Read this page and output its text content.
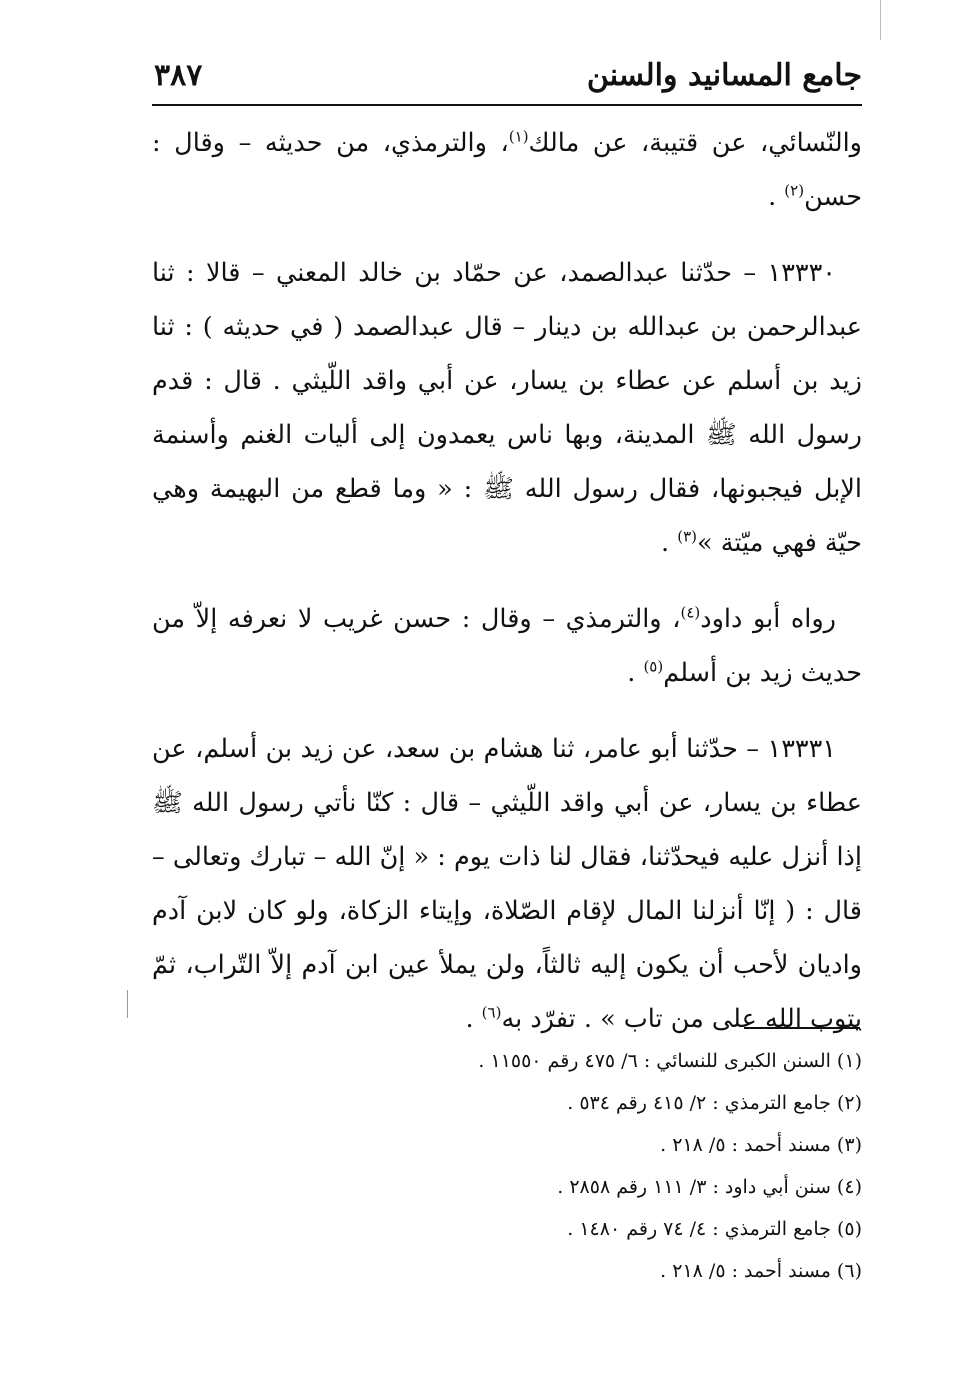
جامع المسانيد والسنن
٣٨٧

والنّسائي، عن قتيبة، عن مالك$^{(١)}$، والترمذي، من حديثه – وقال : حسن$^{(٢)}$ .

١٣٣٣٠ – حدّثنا عبدالصمد، عن حمّاد بن خالد المعني – قالا : ثنا عبدالرحمن بن عبدالله بن دينار – قال عبدالصمد ( في حديثه ) : ثنا زيد بن أسلم عن عطاء بن يسار، عن أبي واقد اللّيثي . قال : قدم رسول الله ﷺ المدينة، وبها ناس يعمدون إلى أليات الغنم وأسنمة الإبل فيجبونها، فقال رسول الله ﷺ : « وما قطع من البهيمة وهي حيّة فهي ميّتة »$^{(٣)}$ .

رواه أبو داود$^{(٤)}$، والترمذي – وقال : حسن غريب لا نعرفه إلاّ من حديث زيد بن أسلم$^{(٥)}$ .

١٣٣٣١ – حدّثنا أبو عامر، ثنا هشام بن سعد، عن زيد بن أسلم، عن عطاء بن يسار، عن أبي واقد اللّيثي – قال : كنّا نأتي رسول الله ﷺ إذا أنزل عليه فيحدّثنا، فقال لنا ذات يوم : « إنّ الله – تبارك وتعالى – قال : ( إنّا أنزلنا المال لإقام الصّلاة، وإيتاء الزكاة، ولو كان لابن آدم واديان لأحب أن يكون إليه ثالثاً، ولن يملأ عين ابن آدم إلاّ التّراب، ثمّ يتوب الله على من تاب » . تفرّد به$^{(٦)}$ .

(١) السنن الكبرى للنسائي : ٦/ ٤٧٥ رقم ١١٥٥٠ .

(٢) جامع الترمذي : ٢/ ٤١٥ رقم ٥٣٤ .

(٣) مسند أحمد : ٥/ ٢١٨ .

(٤) سنن أبي داود : ٣/ ١١١ رقم ٢٨٥٨ .

(٥) جامع الترمذي : ٤/ ٧٤ رقم ١٤٨٠ .

(٦) مسند أحمد : ٥/ ٢١٨ .
